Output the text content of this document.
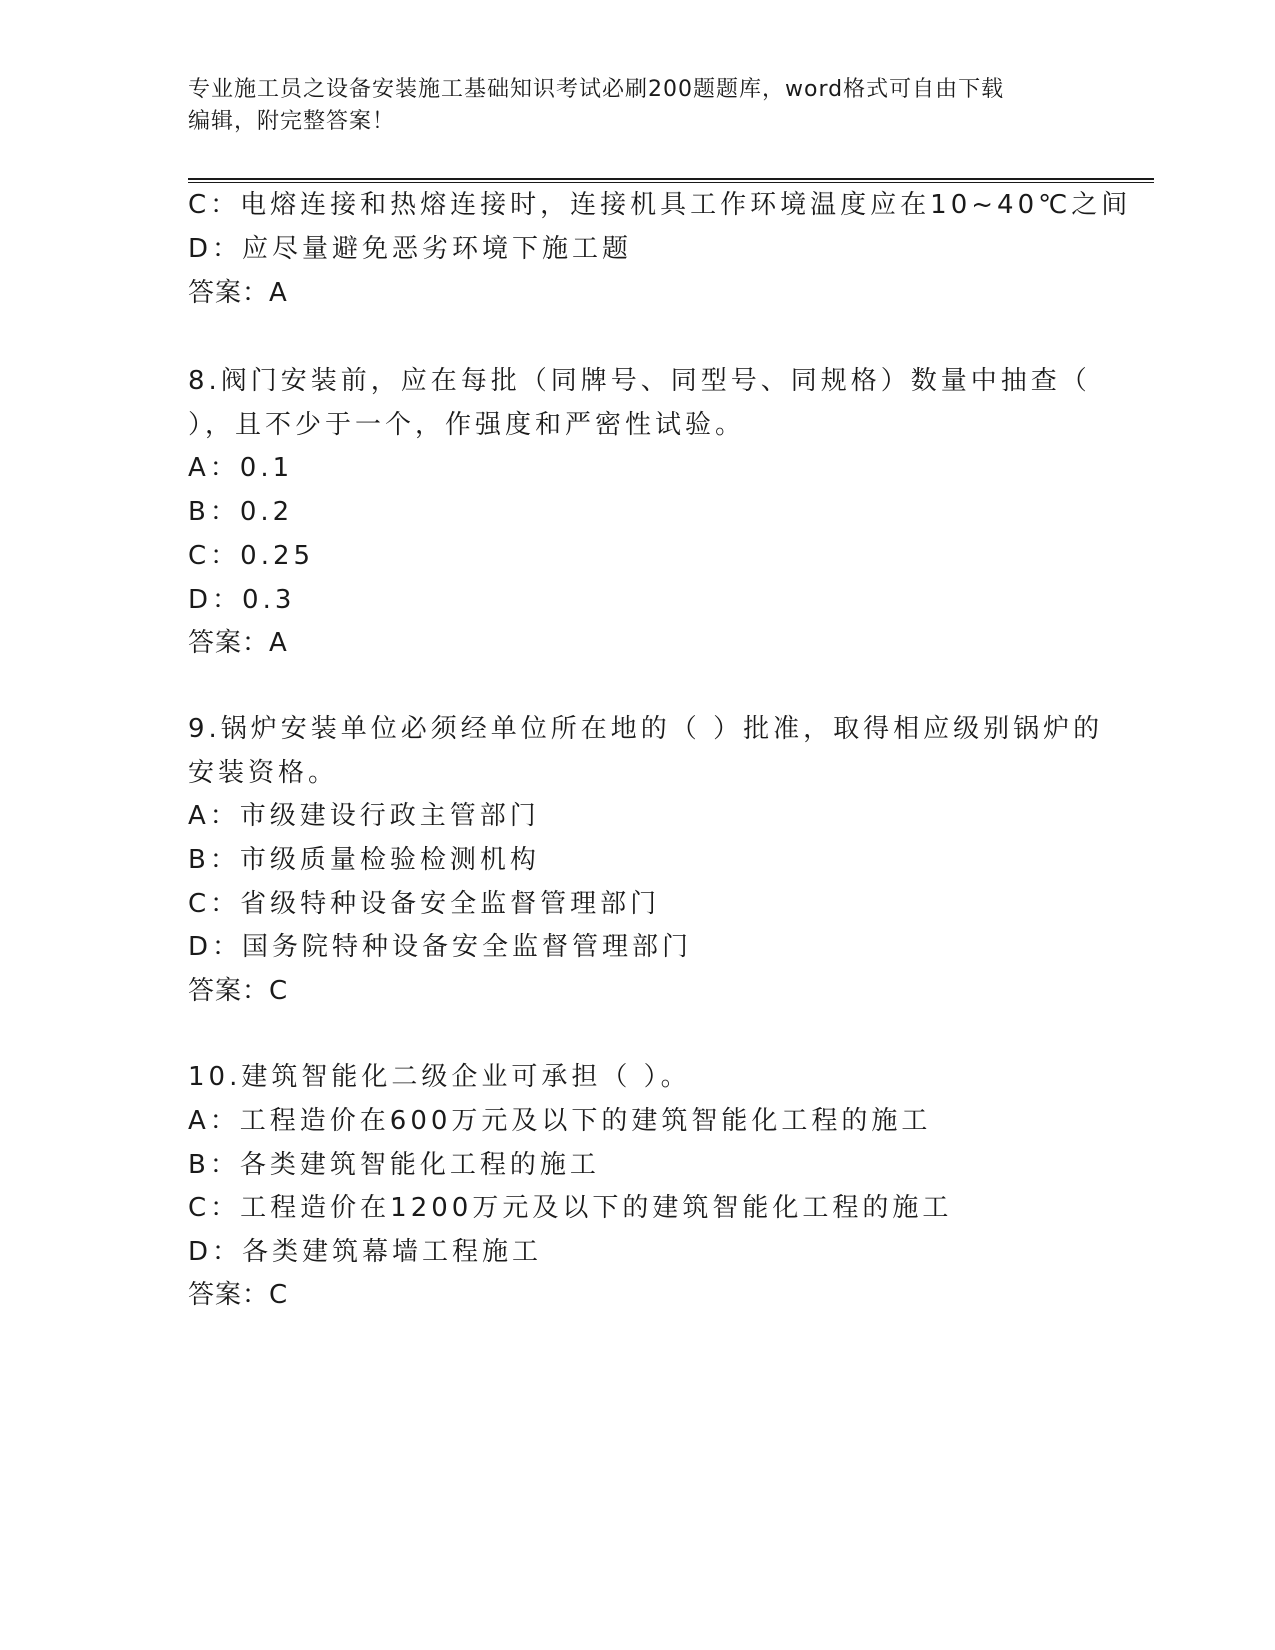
专业施工员之设备安装施工基础知识考试必刷200题题库，word格式可自由下载
编辑，附完整答案！
C：电熔连接和热熔连接时，连接机具工作环境温度应在10~40℃之间
D：应尽量避免恶劣环境下施工题
答案：A
8.阀门安装前，应在每批（同牌号、同型号、同规格）数量中抽查（
），且不少于一个，作强度和严密性试验。
A：0.1
B：0.2
C：0.25
D：0.3
答案：A
9.锅炉安装单位必须经单位所在地的（ ）批准，取得相应级别锅炉的
安装资格。
A：市级建设行政主管部门
B：市级质量检验检测机构
C：省级特种设备安全监督管理部门
D：国务院特种设备安全监督管理部门
答案：C
10.建筑智能化二级企业可承担（ ）。
A：工程造价在600万元及以下的建筑智能化工程的施工
B：各类建筑智能化工程的施工
C：工程造价在1200万元及以下的建筑智能化工程的施工
D：各类建筑幕墙工程施工
答案：C
